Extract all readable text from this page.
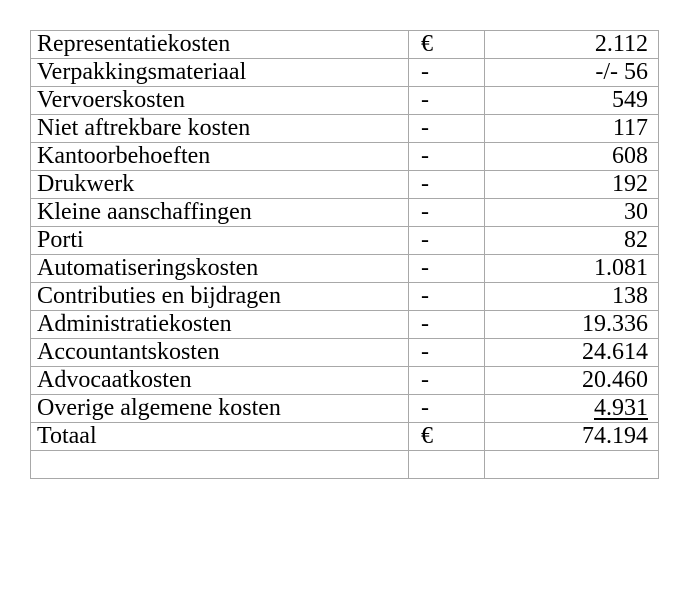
Representatiekosten	€	2.112
Verpakkingsmateriaal	-	-/- 56
Vervoerskosten	-	549
Niet aftrekbare kosten	-	117
Kantoorbehoeften	-	608
Drukwerk	-	192
Kleine aanschaffingen	-	30
Porti	-	82
Automatiseringskosten	-	1.081
Contributies en bijdragen	-	138
Administratiekosten	-	19.336
Accountantskosten	-	24.614
Advocaatkosten	-	20.460
Overige algemene kosten	-	4.931
Totaal	€	74.194
